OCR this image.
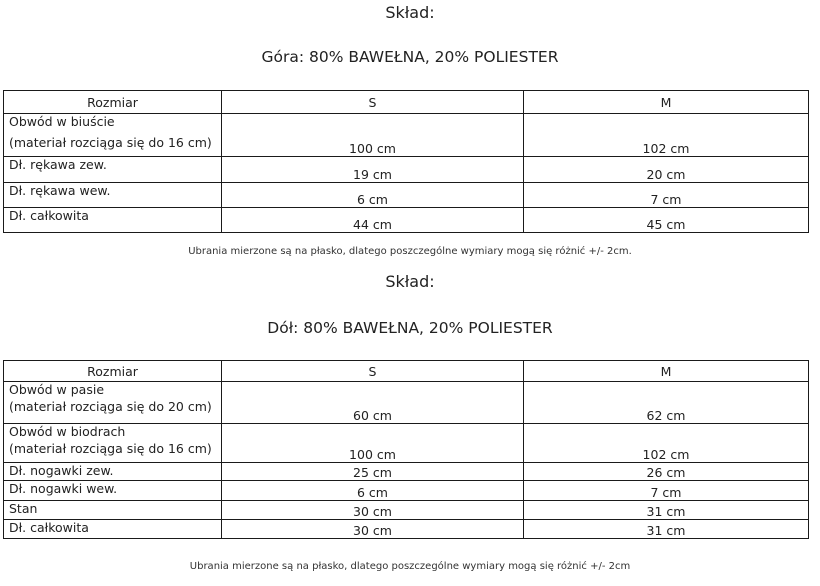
Skład:
Góra: 80% BAWEŁNA, 20% POLIESTER
Rozmiar	S	M

Obwód w biuście
(materiał rozciąga się do 16 cm)	100 cm	102 cm
Dł. rękawa zew.	19 cm	20 cm
Dł. rękawa wew.	6 cm	7 cm
Dł. całkowita	44 cm	45 cm
Ubrania mierzone są na płasko, dlatego poszczególne wymiary mogą się różnić +/- 2cm.
Skład:
Dół: 80% BAWEŁNA, 20% POLIESTER
Rozmiar	S	M

Obwód w pasie
(materiał rozciąga się do 20 cm)	60 cm	62 cm

Obwód w biodrach
(materiał rozciąga się do 16 cm)	100 cm	102 cm
Dł. nogawki zew.	25 cm	26 cm
Dł. nogawki wew.	6 cm	7 cm
Stan	30 cm	31 cm
Dł. całkowita	30 cm	31 cm
Ubrania mierzone są na płasko, dlatego poszczególne wymiary mogą się różnić +/- 2cm
